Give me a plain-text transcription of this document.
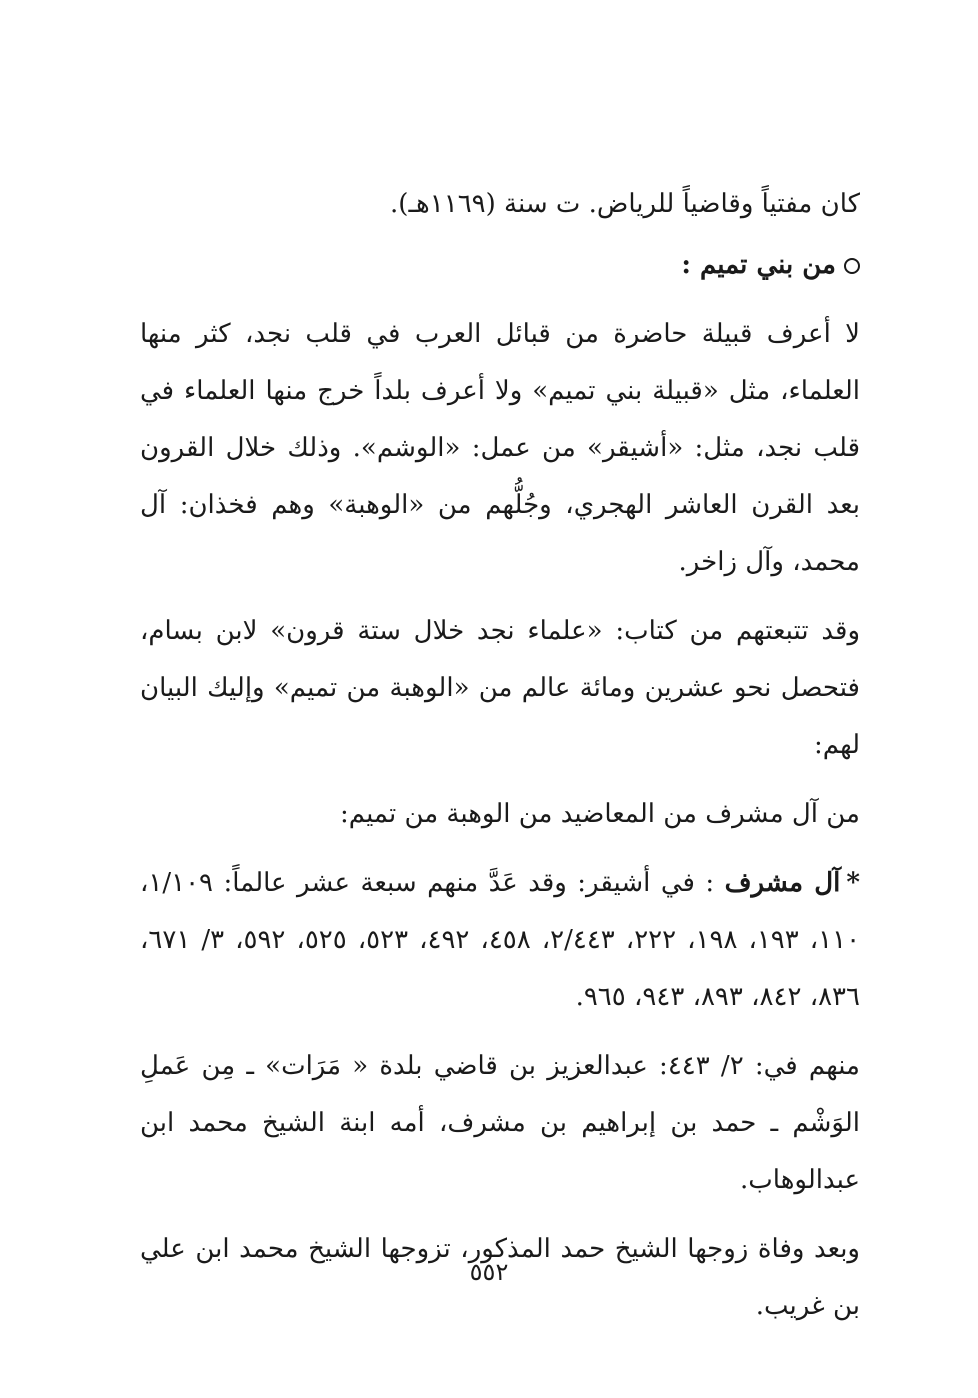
كان مفتياً وقاضياً للرياض. ت سنة (١١٦٩هـ).

من بني تميم :

لا أعرف قبيلة حاضرة من قبائل العرب في قلب نجد، كثر منها العلماء، مثل «قبيلة بني تميم» ولا أعرف بلداً خرج منها العلماء في قلب نجد، مثل: «أشيقر» من عمل: «الوشم». وذلك خلال القرون بعد القرن العاشر الهجري، وجُلُّهم من «الوهبة» وهم فخذان: آل محمد، وآل زاخر.

وقد تتبعتهم من كتاب: «علماء نجد خلال ستة قرون» لابن بسام، فتحصل نحو عشرين ومائة عالم من «الوهبة من تميم» وإليك البيان لهم:

من آل مشرف من المعاضيد من الوهبة من تميم:

*آل مشرف : في أشيقر: وقد عَدَّ منهم سبعة عشر عالماً: ١/١٠٩، ١١٠، ١٩٣، ١٩٨، ٢٢٢، ٢/٤٤٣، ٤٥٨، ٤٩٢، ٥٢٣، ٥٢٥، ٥٩٢، ٣/ ٦٧١، ٨٣٦، ٨٤٢، ٨٩٣، ٩٤٣، ٩٦٥.

منهم في: ٢/ ٤٤٣: عبدالعزيز بن قاضي بلدة « مَرَات» ـ مِن عَملِ الوَشْم ـ حمد بن إبراهيم بن مشرف، أمه ابنة الشيخ محمد ابن عبدالوهاب.

وبعد وفاة زوجها الشيخ حمد المذكور، تزوجها الشيخ محمد ابن علي بن غريب.

٥٥٢
